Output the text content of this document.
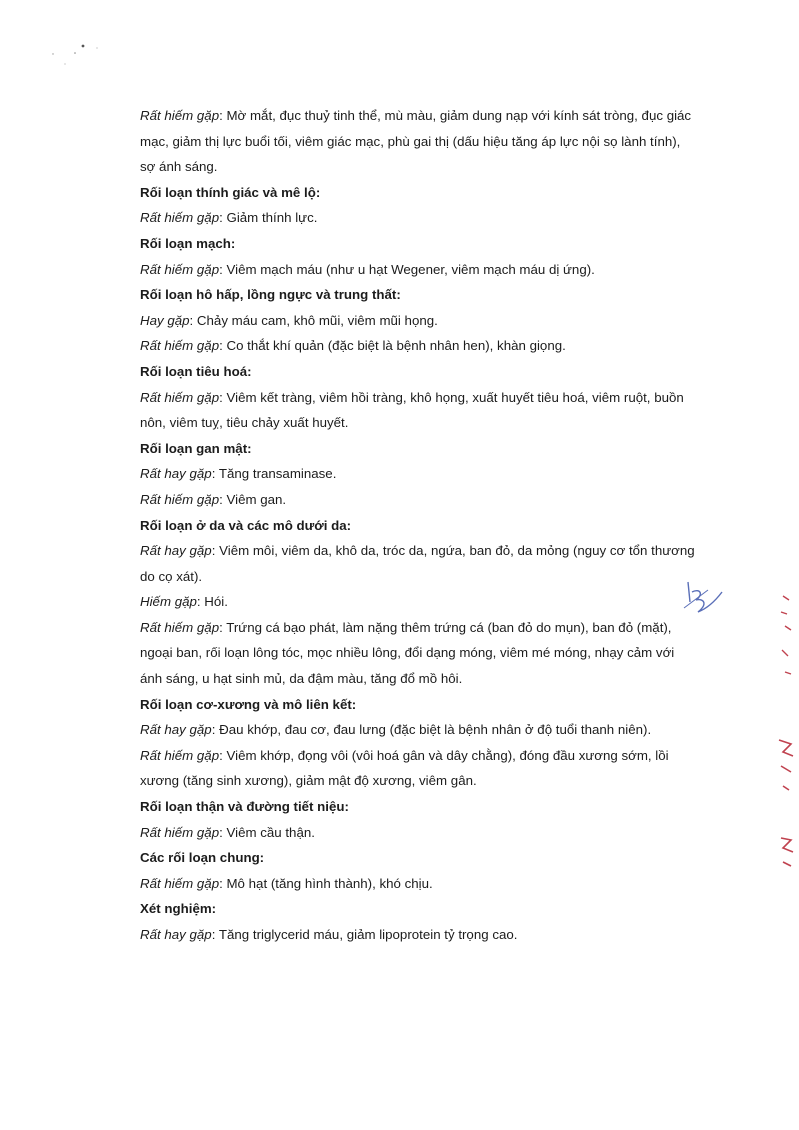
Rất hiếm gặp: Mờ mắt, đục thuỷ tinh thể, mù màu, giảm dung nạp với kính sát tròng, đục giác mạc, giảm thị lực buổi tối, viêm giác mạc, phù gai thị (dấu hiệu tăng áp lực nội sọ lành tính), sợ ánh sáng.

Rối loạn thính giác và mê lộ:

Rất hiếm gặp: Giảm thính lực.

Rối loạn mạch:

Rất hiếm gặp: Viêm mạch máu (như u hạt Wegener, viêm mạch máu dị ứng).

Rối loạn hô hấp, lồng ngực và trung thất:

Hay gặp: Chảy máu cam, khô mũi, viêm mũi họng.

Rất hiếm gặp: Co thắt khí quản (đặc biệt là bệnh nhân hen), khàn giọng.

Rối loạn tiêu hoá:

Rất hiếm gặp: Viêm kết tràng, viêm hồi tràng, khô họng, xuất huyết tiêu hoá, viêm ruột, buồn nôn, viêm tuỵ, tiêu chảy xuất huyết.

Rối loạn gan mật:

Rất hay gặp: Tăng transaminase.

Rất hiếm gặp: Viêm gan.

Rối loạn ở da và các mô dưới da:

Rất hay gặp: Viêm môi, viêm da, khô da, tróc da, ngứa, ban đỏ, da mỏng (nguy cơ tổn thương do cọ xát).

Hiếm gặp: Hói.

Rất hiếm gặp: Trứng cá bạo phát, làm nặng thêm trứng cá (ban đỏ do mụn), ban đỏ (mặt), ngoại ban, rối loạn lông tóc, mọc nhiều lông, đổi dạng móng, viêm mé móng, nhạy cảm với ánh sáng, u hạt sinh mủ, da đậm màu, tăng đổ mồ hôi.

Rối loạn cơ-xương và mô liên kết:

Rất hay gặp: Đau khớp, đau cơ, đau lưng (đặc biệt là bệnh nhân ở độ tuổi thanh niên).

Rất hiếm gặp: Viêm khớp, đọng vôi (vôi hoá gân và dây chằng), đóng đầu xương sớm, lồi xương (tăng sinh xương), giảm mật độ xương, viêm gân.

Rối loạn thận và đường tiết niệu:

Rất hiếm gặp: Viêm cầu thận.

Các rối loạn chung:

Rất hiếm gặp: Mô hạt (tăng hình thành), khó chịu.

Xét nghiệm:

Rất hay gặp: Tăng triglycerid máu, giảm lipoprotein tỷ trọng cao.
